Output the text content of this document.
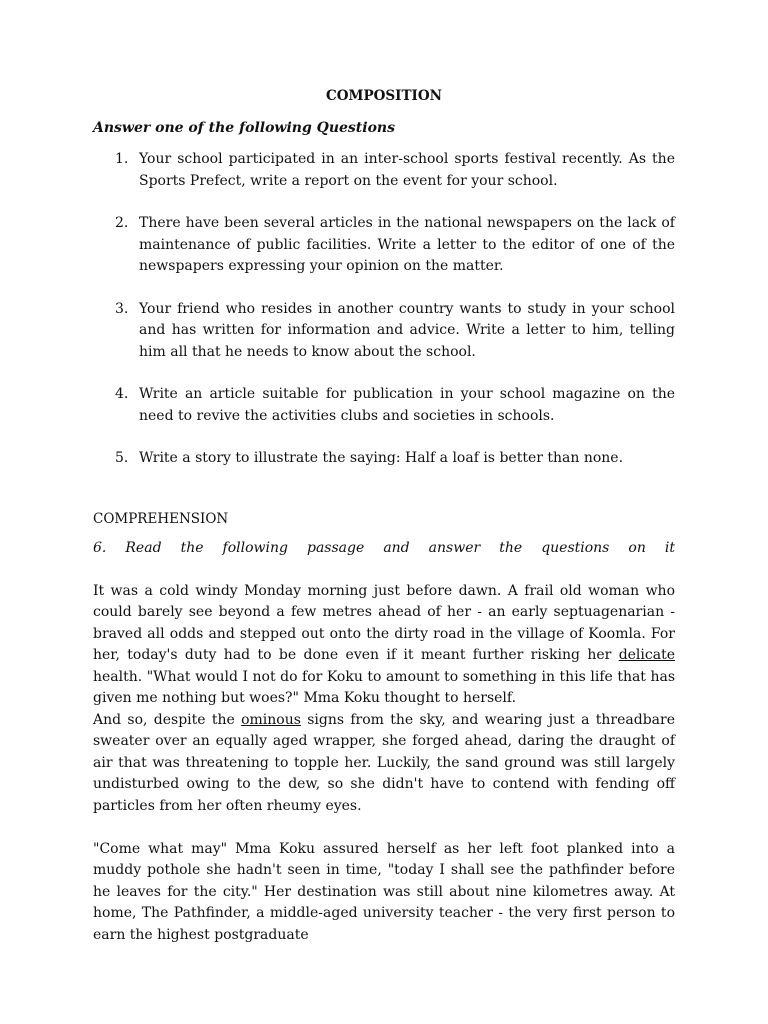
COMPOSITION
Answer one of the following Questions
1. Your school participated in an inter-school sports festival recently. As the Sports Prefect, write a report on the event for your school.
2. There have been several articles in the national newspapers on the lack of maintenance of public facilities. Write a letter to the editor of one of the newspapers expressing your opinion on the matter.
3. Your friend who resides in another country wants to study in your school and has written for information and advice. Write a letter to him, telling him all that he needs to know about the school.
4. Write an article suitable for publication in your school magazine on the need to revive the activities clubs and societies in schools.
5. Write a story to illustrate the saying: Half a loaf is better than none.
COMPREHENSION
6. Read the following passage and answer the questions on it

It was a cold windy Monday morning just before dawn. A frail old woman who could barely see beyond a few metres ahead of her - an early septuagenarian - braved all odds and stepped out onto the dirty road in the village of Koomla. For her, today's duty had to be done even if it meant further risking her delicate health. "What would I not do for Koku to amount to something in this life that has given me nothing but woes?" Mma Koku thought to herself.

And so, despite the ominous signs from the sky, and wearing just a threadbare sweater over an equally aged wrapper, she forged ahead, daring the draught of air that was threatening to topple her. Luckily, the sand ground was still largely undisturbed owing to the dew, so she didn't have to contend with fending off particles from her often rheumy eyes.

"Come what may" Mma Koku assured herself as her left foot planked into a muddy pothole she hadn't seen in time, "today I shall see the pathfinder before he leaves for the city." Her destination was still about nine kilometres away. At home, The Pathfinder, a middle-aged university teacher - the very first person to earn the highest postgraduate
